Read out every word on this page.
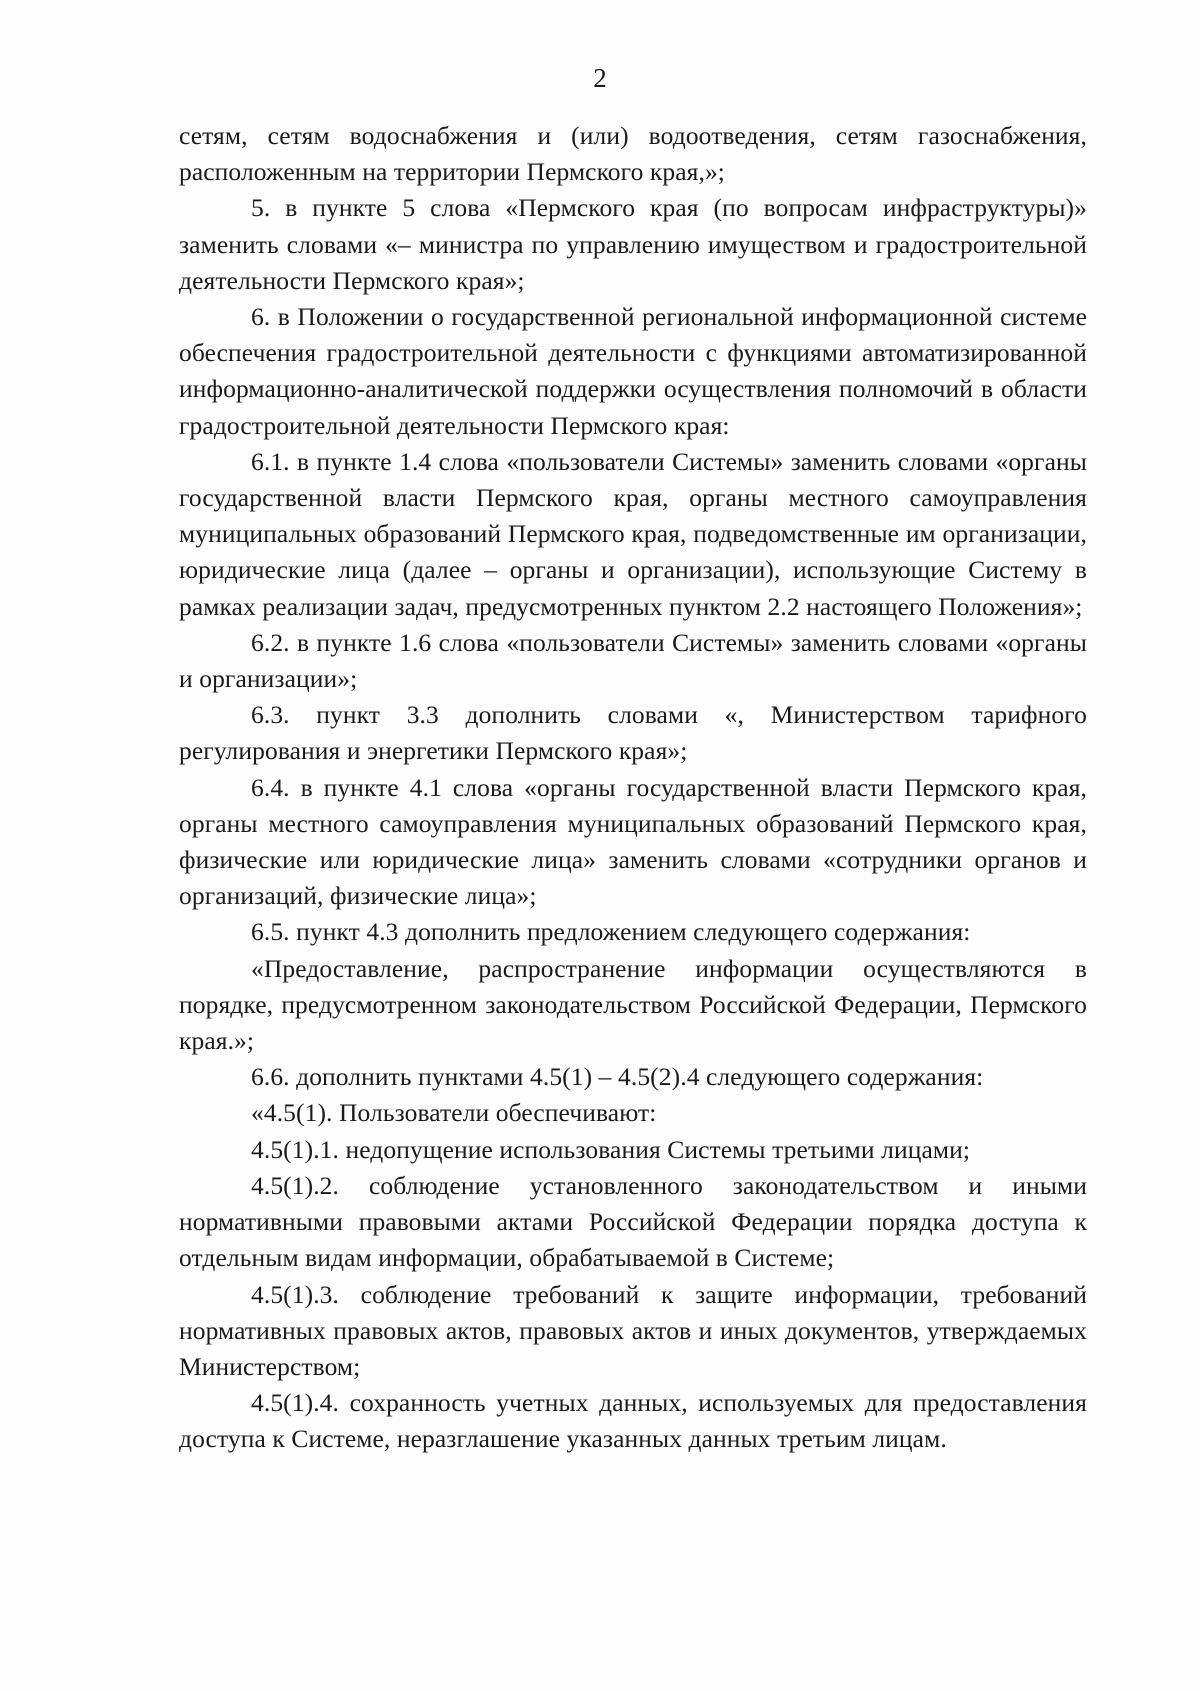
2

сетям, сетям водоснабжения и (или) водоотведения, сетям газоснабжения, расположенным на территории Пермского края,»;

5. в пункте 5 слова «Пермского края (по вопросам инфраструктуры)» заменить словами «– министра по управлению имуществом и градостроительной деятельности Пермского края»;

6. в Положении о государственной региональной информационной системе обеспечения градостроительной деятельности с функциями автоматизированной информационно-аналитической поддержки осуществления полномочий в области градостроительной деятельности Пермского края:

6.1. в пункте 1.4 слова «пользователи Системы» заменить словами «органы государственной власти Пермского края, органы местного самоуправления муниципальных образований Пермского края, подведомственные им организации, юридические лица (далее – органы и организации), использующие Систему в рамках реализации задач, предусмотренных пунктом 2.2 настоящего Положения»;

6.2. в пункте 1.6 слова «пользователи Системы» заменить словами «органы и организации»;

6.3. пункт 3.3 дополнить словами «, Министерством тарифного регулирования и энергетики Пермского края»;

6.4. в пункте 4.1 слова «органы государственной власти Пермского края, органы местного самоуправления муниципальных образований Пермского края, физические или юридические лица» заменить словами «сотрудники органов и организаций, физические лица»;

6.5. пункт 4.3 дополнить предложением следующего содержания:

«Предоставление, распространение информации осуществляются в порядке, предусмотренном законодательством Российской Федерации, Пермского края.»;

6.6. дополнить пунктами 4.5(1) – 4.5(2).4 следующего содержания:

«4.5(1). Пользователи обеспечивают:

4.5(1).1. недопущение использования Системы третьими лицами;

4.5(1).2. соблюдение установленного законодательством и иными нормативными правовыми актами Российской Федерации порядка доступа к отдельным видам информации, обрабатываемой в Системе;

4.5(1).3. соблюдение требований к защите информации, требований нормативных правовых актов, правовых актов и иных документов, утверждаемых Министерством;

4.5(1).4. сохранность учетных данных, используемых для предоставления доступа к Системе, неразглашение указанных данных третьим лицам.
